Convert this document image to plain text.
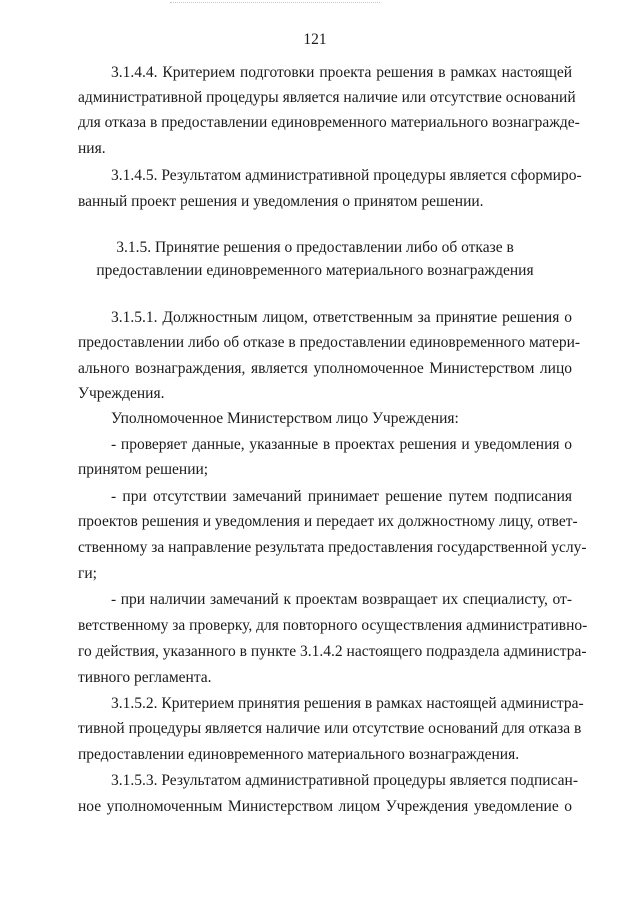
121
3.1.4.4. Критерием подготовки проекта решения в рамках настоящей
административной процедуры является наличие или отсутствие оснований
для отказа в предоставлении единовременного материального вознагражде-
ния.
3.1.4.5. Результатом административной процедуры является сформиро-
ванный проект решения и уведомления о принятом решении.
3.1.5. Принятие решения о предоставлении либо об отказе в
предоставлении единовременного материального вознаграждения
3.1.5.1. Должностным лицом, ответственным за принятие решения о
предоставлении либо об отказе в предоставлении единовременного матери-
ального вознаграждения, является уполномоченное Министерством лицо
Учреждения.
Уполномоченное Министерством лицо Учреждения:
- проверяет данные, указанные в проектах решения и уведомления о
принятом решении;
- при отсутствии замечаний принимает решение путем подписания
проектов решения и уведомления и передает их должностному лицу, ответ-
ственному за направление результата предоставления государственной услу-
ги;
- при наличии замечаний к проектам возвращает их специалисту, от-
ветственному за проверку, для повторного осуществления административно-
го действия, указанного в пункте 3.1.4.2 настоящего подраздела администра-
тивного регламента.
3.1.5.2. Критерием принятия решения в рамках настоящей администра-
тивной процедуры является наличие или отсутствие оснований для отказа в
предоставлении единовременного материального вознаграждения.
3.1.5.3. Результатом административной процедуры является подписан-
ное уполномоченным Министерством лицом Учреждения уведомление о
